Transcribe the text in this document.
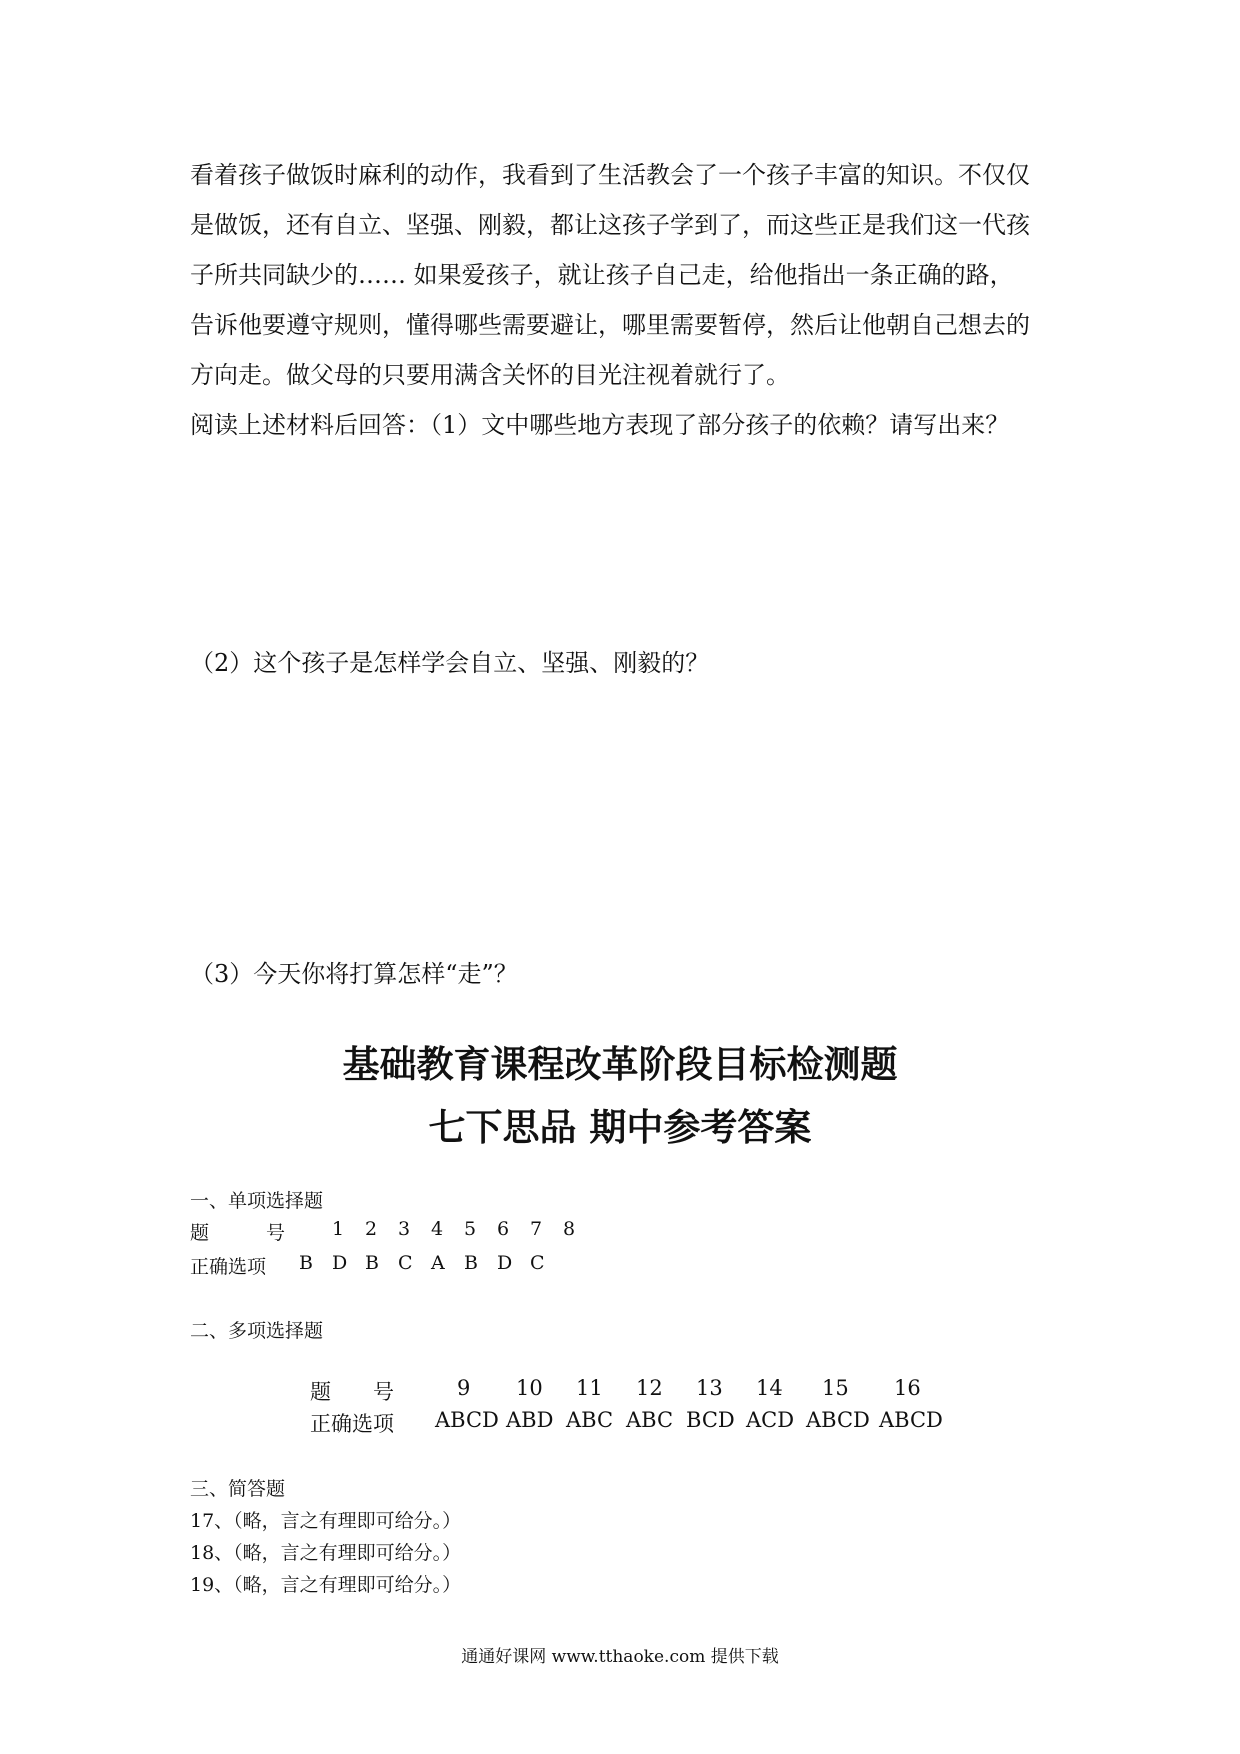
看着孩子做饭时麻利的动作，我看到了生活教会了一个孩子丰富的知识。不仅仅

是做饭，还有自立、坚强、刚毅，都让这孩子学到了，而这些正是我们这一代孩

子所共同缺少的…… 如果爱孩子，就让孩子自己走，给他指出一条正确的路，

告诉他要遵守规则，懂得哪些需要避让，哪里需要暂停，然后让他朝自己想去的

方向走。做父母的只要用满含关怀的目光注视着就行了。

阅读上述材料后回答：（1）文中哪些地方表现了部分孩子的依赖？请写出来？

（2）这个孩子是怎样学会自立、坚强、刚毅的？

（3）今天你将打算怎样“走”？

基础教育课程改革阶段目标检测题

七下思品 期中参考答案

一、单项选择题

题　　　号 1 2 3 4 5 6 7 8
正确选项 B D B C A B D C

二、多项选择题

题　　号	9 10 11 12 13 14 15 16
正确选项 ABCD ABD ABC ABC BCD ACD ABCD ABCD

三、简答题

17、（略，言之有理即可给分。）

18、（略，言之有理即可给分。）

19、（略，言之有理即可给分。）

通通好课网 www.tthaoke.com 提供下载
